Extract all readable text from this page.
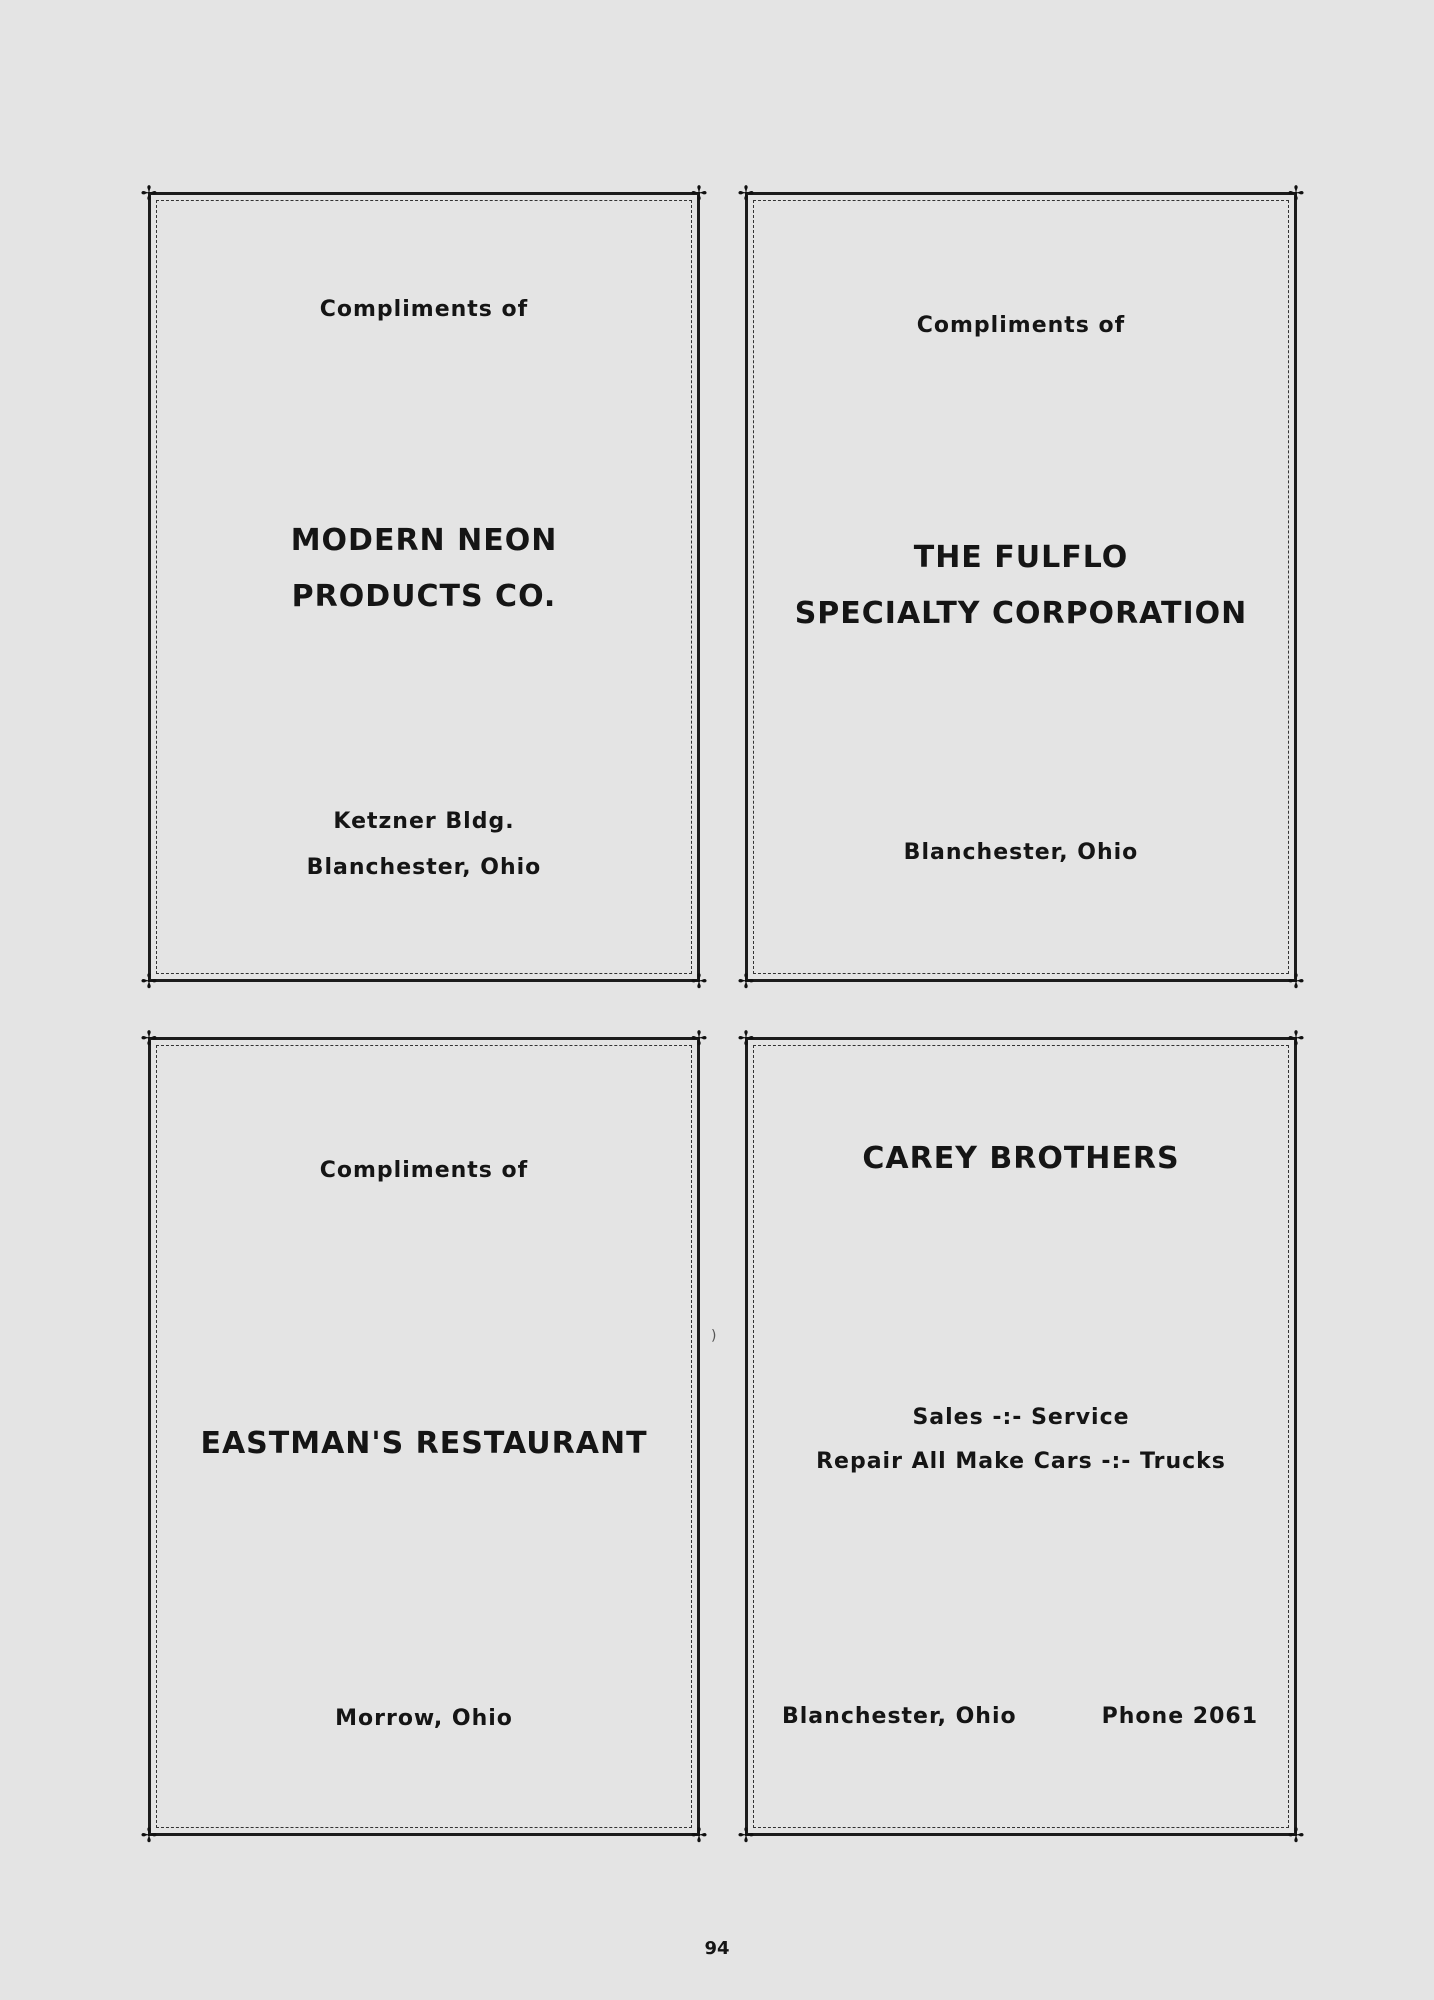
✢	✢
✢	✢
Compliments of
MODERN NEON
PRODUCTS CO.
Ketzner Bldg.
Blanchester, Ohio
✢	✢
✢	✢
Compliments of
THE FULFLO
SPECIALTY CORPORATION
Blanchester, Ohio
✢	✢
✢	✢
Compliments of
EASTMAN'S RESTAURANT
Morrow, Ohio
✢	✢
✢	✢
CAREY BROTHERS
Sales -:- Service
Repair All Make Cars -:- Trucks
Blanchester, Ohio	Phone 2061
)
94
